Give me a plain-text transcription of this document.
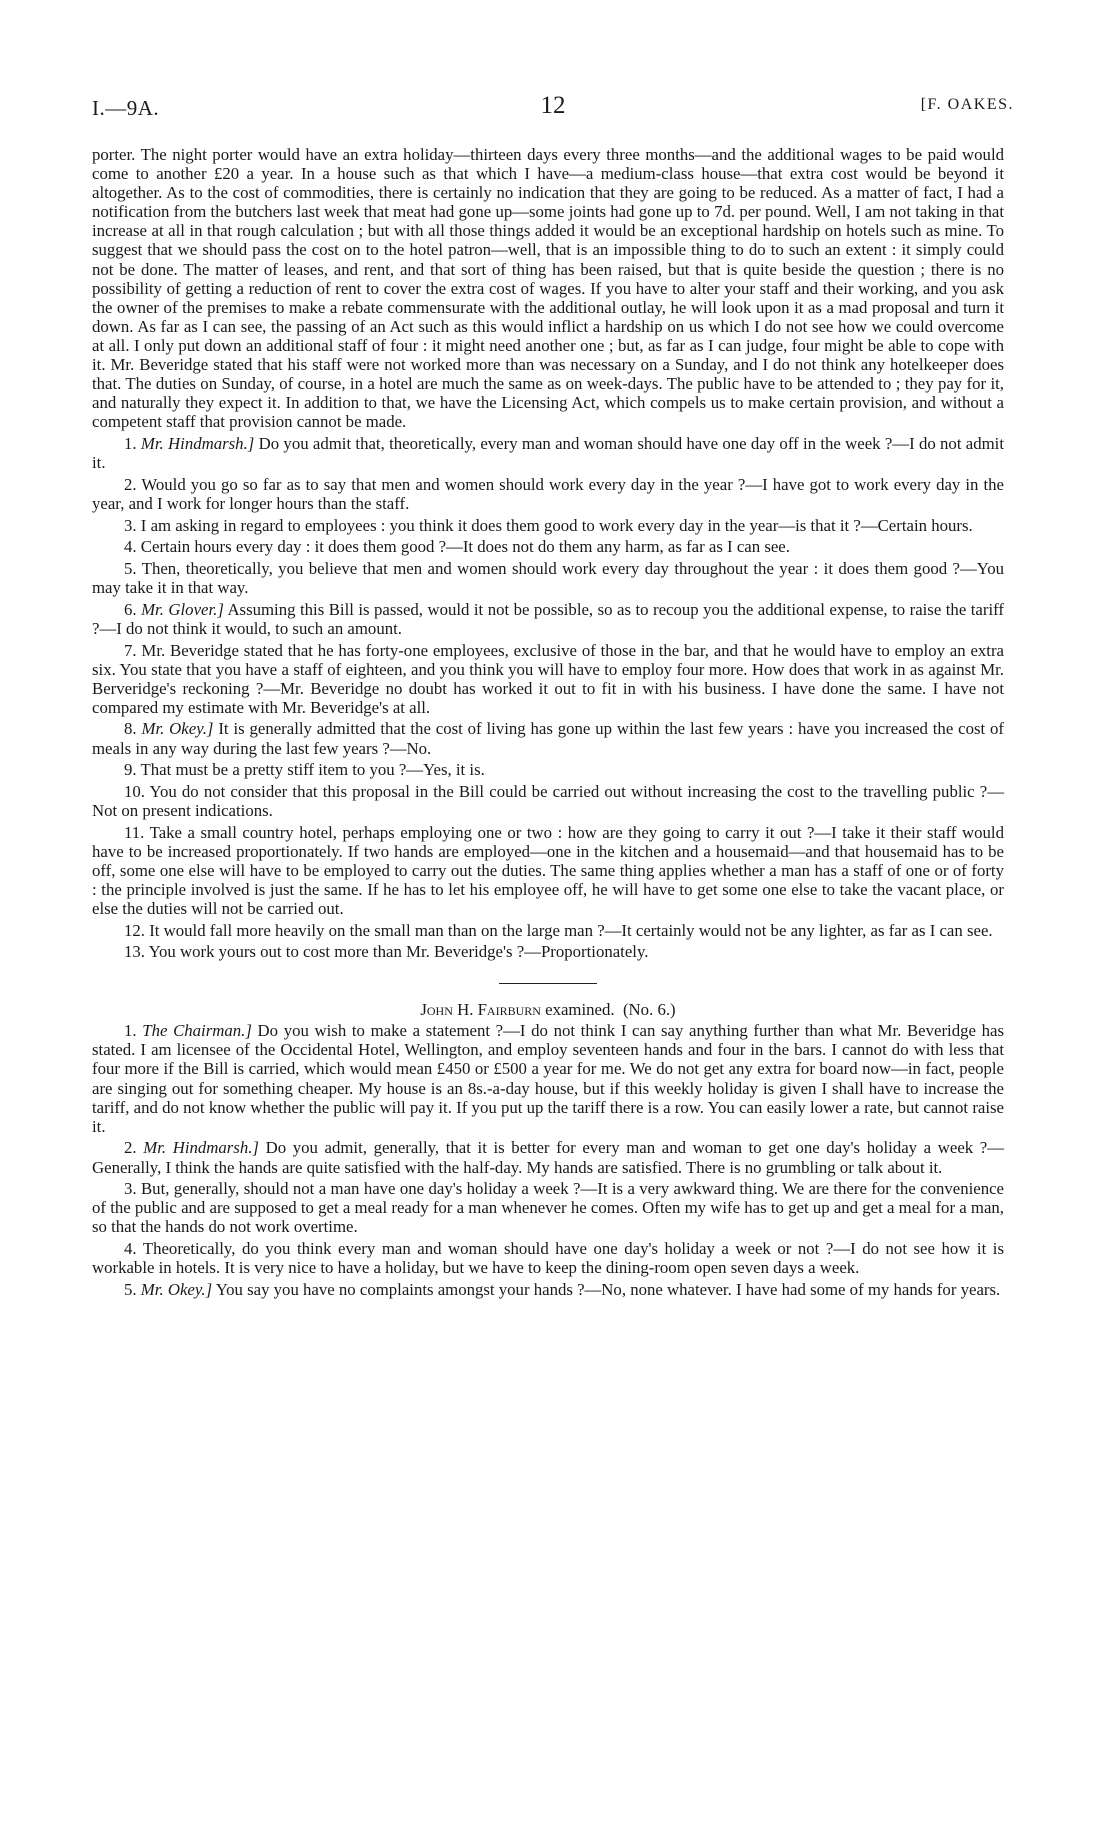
I.—9A.	12	[F. OAKES.

porter. The night porter would have an extra holiday—thirteen days every three months—and the additional wages to be paid would come to another £20 a year. In a house such as that which I have—a medium-class house—that extra cost would be beyond it altogether. As to the cost of commodities, there is certainly no indication that they are going to be reduced. As a matter of fact, I had a notification from the butchers last week that meat had gone up—some joints had gone up to 7d. per pound. Well, I am not taking in that increase at all in that rough calculation ; but with all those things added it would be an exceptional hardship on hotels such as mine. To suggest that we should pass the cost on to the hotel patron—well, that is an impossible thing to do to such an extent : it simply could not be done. The matter of leases, and rent, and that sort of thing has been raised, but that is quite beside the question ; there is no possibility of getting a reduction of rent to cover the extra cost of wages. If you have to alter your staff and their working, and you ask the owner of the premises to make a rebate commensurate with the additional outlay, he will look upon it as a mad proposal and turn it down. As far as I can see, the passing of an Act such as this would inflict a hardship on us which I do not see how we could overcome at all. I only put down an additional staff of four : it might need another one ; but, as far as I can judge, four might be able to cope with it. Mr. Beveridge stated that his staff were not worked more than was necessary on a Sunday, and I do not think any hotelkeeper does that. The duties on Sunday, of course, in a hotel are much the same as on week-days. The public have to be attended to ; they pay for it, and naturally they expect it. In addition to that, we have the Licensing Act, which compels us to make certain provision, and without a competent staff that provision cannot be made.

1. Mr. Hindmarsh.] Do you admit that, theoretically, every man and woman should have one day off in the week ?—I do not admit it.

2. Would you go so far as to say that men and women should work every day in the year ?—I have got to work every day in the year, and I work for longer hours than the staff.

3. I am asking in regard to employees : you think it does them good to work every day in the year—is that it ?—Certain hours.

4. Certain hours every day : it does them good ?—It does not do them any harm, as far as I can see.

5. Then, theoretically, you believe that men and women should work every day throughout the year : it does them good ?—You may take it in that way.

6. Mr. Glover.] Assuming this Bill is passed, would it not be possible, so as to recoup you the additional expense, to raise the tariff ?—I do not think it would, to such an amount.

7. Mr. Beveridge stated that he has forty-one employees, exclusive of those in the bar, and that he would have to employ an extra six. You state that you have a staff of eighteen, and you think you will have to employ four more. How does that work in as against Mr. Berveridge's reckoning ?—Mr. Beveridge no doubt has worked it out to fit in with his business. I have done the same. I have not compared my estimate with Mr. Beveridge's at all.

8. Mr. Okey.] It is generally admitted that the cost of living has gone up within the last few years : have you increased the cost of meals in any way during the last few years ?—No.

9. That must be a pretty stiff item to you ?—Yes, it is.

10. You do not consider that this proposal in the Bill could be carried out without increasing the cost to the travelling public ?—Not on present indications.

11. Take a small country hotel, perhaps employing one or two : how are they going to carry it out ?—I take it their staff would have to be increased proportionately. If two hands are employed—one in the kitchen and a housemaid—and that housemaid has to be off, some one else will have to be employed to carry out the duties. The same thing applies whether a man has a staff of one or of forty : the principle involved is just the same. If he has to let his employee off, he will have to get some one else to take the vacant place, or else the duties will not be carried out.

12. It would fall more heavily on the small man than on the large man ?—It certainly would not be any lighter, as far as I can see.

13. You work yours out to cost more than Mr. Beveridge's ?—Proportionately.

John H. Fairburn examined. (No. 6.)

1. The Chairman.] Do you wish to make a statement ?—I do not think I can say anything further than what Mr. Beveridge has stated. I am licensee of the Occidental Hotel, Wellington, and employ seventeen hands and four in the bars. I cannot do with less that four more if the Bill is carried, which would mean £450 or £500 a year for me. We do not get any extra for board now—in fact, people are singing out for something cheaper. My house is an 8s.-a-day house, but if this weekly holiday is given I shall have to increase the tariff, and do not know whether the public will pay it. If you put up the tariff there is a row. You can easily lower a rate, but cannot raise it.

2. Mr. Hindmarsh.] Do you admit, generally, that it is better for every man and woman to get one day's holiday a week ?—Generally, I think the hands are quite satisfied with the half-day. My hands are satisfied. There is no grumbling or talk about it.

3. But, generally, should not a man have one day's holiday a week ?—It is a very awkward thing. We are there for the convenience of the public and are supposed to get a meal ready for a man whenever he comes. Often my wife has to get up and get a meal for a man, so that the hands do not work overtime.

4. Theoretically, do you think every man and woman should have one day's holiday a week or not ?—I do not see how it is workable in hotels. It is very nice to have a holiday, but we have to keep the dining-room open seven days a week.

5. Mr. Okey.] You say you have no complaints amongst your hands ?—No, none whatever. I have had some of my hands for years.
